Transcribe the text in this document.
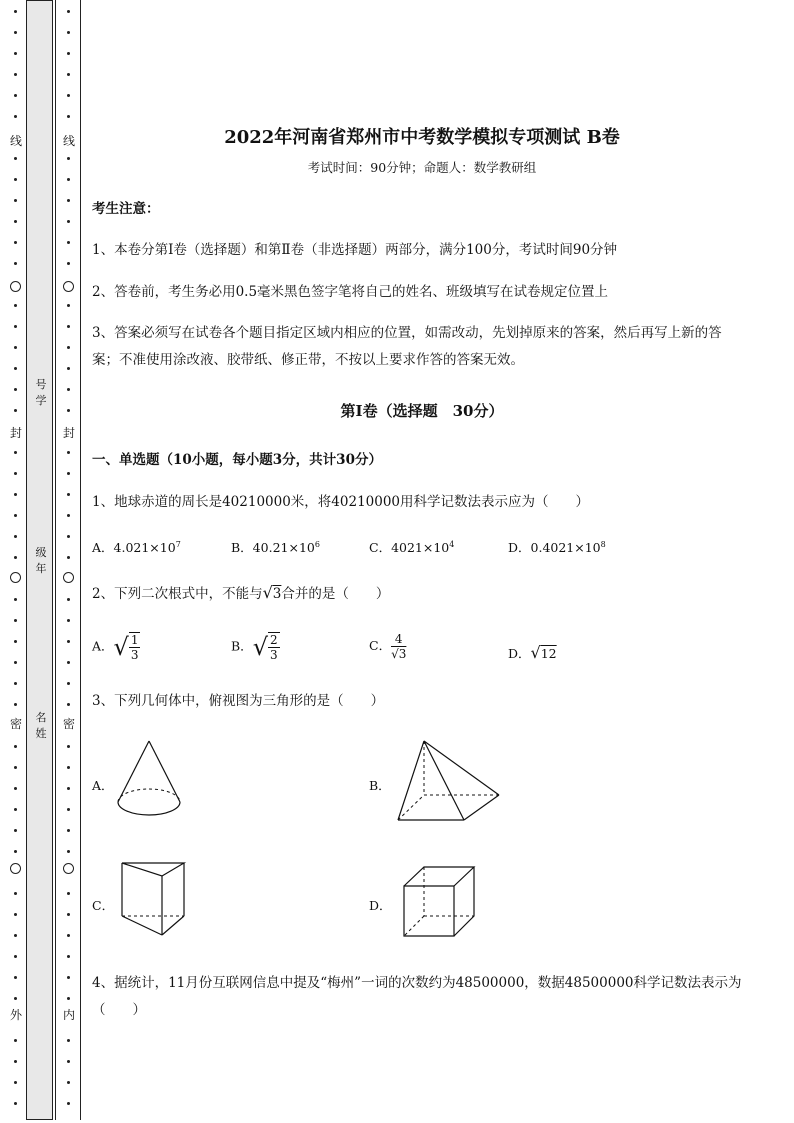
线
封
密
外
线
封
密
内
号
学
级
年
名
姓
2022年河南省郑州市中考数学模拟专项测试 B卷
考试时间：90分钟；命题人：数学教研组
考生注意：
1、本卷分第I卷（选择题）和第Ⅱ卷（非选择题）两部分，满分100分，考试时间90分钟
2、答卷前，考生务必用0.5毫米黑色签字笔将自己的姓名、班级填写在试卷规定位置上
3、答案必须写在试卷各个题目指定区域内相应的位置，如需改动，先划掉原来的答案，然后再写上新的答案；不准使用涂改液、胶带纸、修正带，不按以上要求作答的答案无效。
第I卷（选择题　30分）
一、单选题（10小题，每小题3分，共计30分）
1、地球赤道的周长是40210000米，将40210000用科学记数法表示应为（　　）
A．$4.021\times 10^7$	B．$40.21\times 10^6$	C．$4021\times 10^4$	D．$0.4021\times 10^8$
2、下列二次根式中，不能与√3合并的是（　　）
A．√ $\frac{1}{3}$	B．√ $\frac{2}{3}$	C． $\frac{4}{√3}$	D．√12
3、下列几何体中，俯视图为三角形的是（　　）
A．	B．
C．	D．
4、据统计，11月份互联网信息中提及“梅州”一词的次数约为48500000，数据48500000科学记数法表示为（　　）
